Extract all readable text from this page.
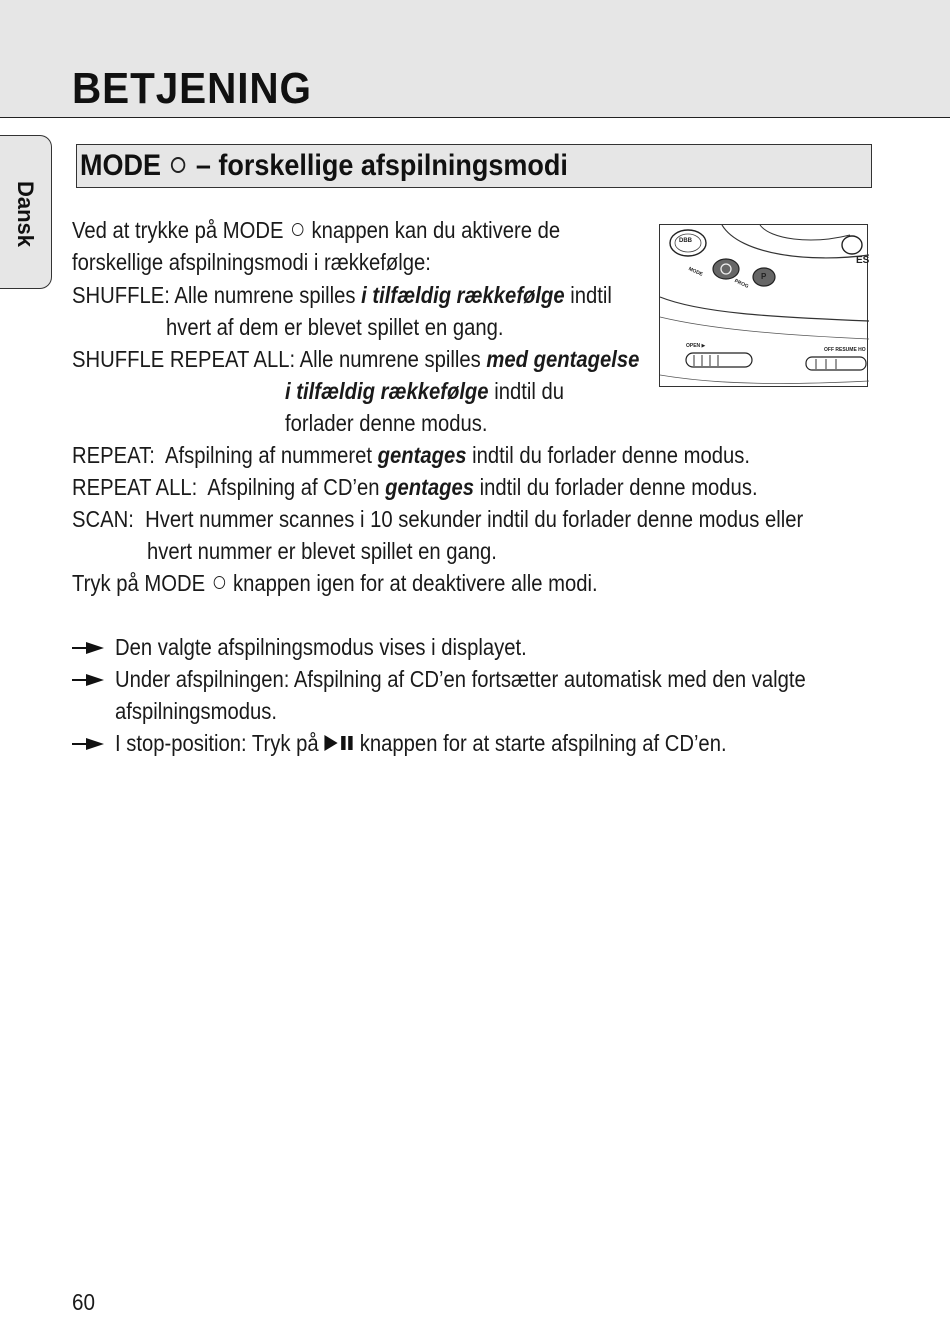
BETJENING
Dansk
MODE – forskellige afspilningsmodi
DBB
MODE
PROG
P
ES
OPEN ▶
OFF RESUME HO

Ved at trykke på MODE knappen kan du aktivere de

forskellige afspilningsmodi i rækkefølge:

SHUFFLE: Alle numrene spilles i tilfældig rækkefølge indtil

hvert af dem er blevet spillet en gang.

SHUFFLE REPEAT ALL: Alle numrene spilles med gentagelse

i tilfældig rækkefølge indtil du

forlader denne modus.

REPEAT: Afspilning af nummeret gentages indtil du forlader denne modus.

REPEAT ALL: Afspilning af CD’en gentages indtil du forlader denne modus.

SCAN: Hvert nummer scannes i 10 sekunder indtil du forlader denne modus eller

hvert nummer er blevet spillet en gang.

Tryk på MODE knappen igen for at deaktivere alle modi.

Den valgte afspilningsmodus vises i displayet.

Under afspilningen: Afspilning af CD’en fortsætter automatisk med den valgte

afspilningsmodus.

I stop-position: Tryk på knappen for at starte afspilning af CD’en.

60
